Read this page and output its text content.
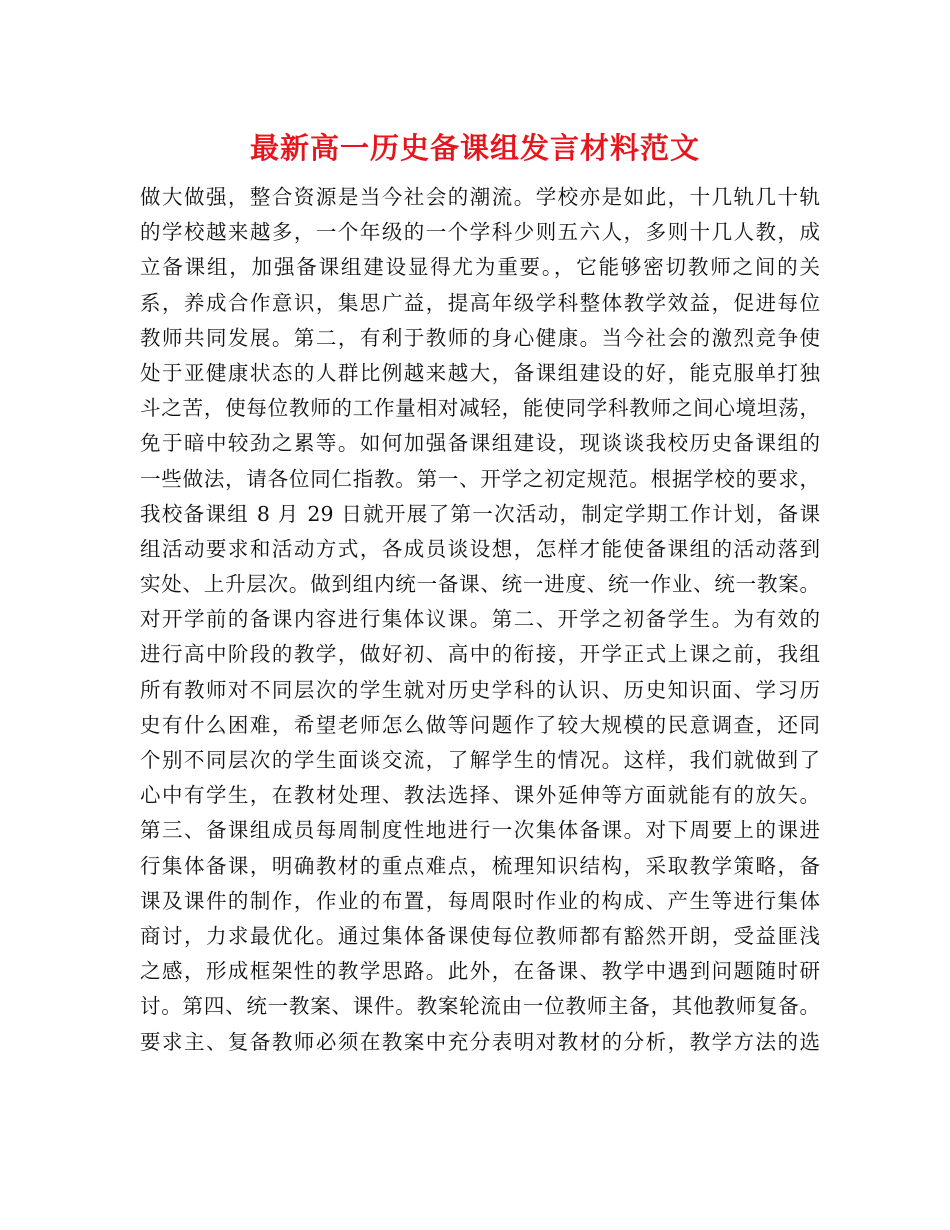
最新高一历史备课组发言材料范文
做大做强，整合资源是当今社会的潮流。学校亦是如此，十几轨几十轨
的学校越来越多，一个年级的一个学科少则五六人，多则十几人教，成
立备课组，加强备课组建设显得尤为重要。，它能够密切教师之间的关
系，养成合作意识，集思广益，提高年级学科整体教学效益，促进每位
教师共同发展。第二，有利于教师的身心健康。当今社会的激烈竞争使
处于亚健康状态的人群比例越来越大，备课组建设的好，能克服单打独
斗之苦，使每位教师的工作量相对减轻，能使同学科教师之间心境坦荡，
免于暗中较劲之累等。如何加强备课组建设，现谈谈我校历史备课组的
一些做法，请各位同仁指教。第一、开学之初定规范。根据学校的要求，
我校备课组 8 月 29 日就开展了第一次活动，制定学期工作计划，备课
组活动要求和活动方式，各成员谈设想，怎样才能使备课组的活动落到
实处、上升层次。做到组内统一备课、统一进度、统一作业、统一教案。
对开学前的备课内容进行集体议课。第二、开学之初备学生。为有效的
进行高中阶段的教学，做好初、高中的衔接，开学正式上课之前，我组
所有教师对不同层次的学生就对历史学科的认识、历史知识面、学习历
史有什么困难，希望老师怎么做等问题作了较大规模的民意调查，还同
个别不同层次的学生面谈交流，了解学生的情况。这样，我们就做到了
心中有学生，在教材处理、教法选择、课外延伸等方面就能有的放矢。
第三、备课组成员每周制度性地进行一次集体备课。对下周要上的课进
行集体备课，明确教材的重点难点，梳理知识结构，采取教学策略，备
课及课件的制作，作业的布置，每周限时作业的构成、产生等进行集体
商讨，力求最优化。通过集体备课使每位教师都有豁然开朗，受益匪浅
之感，形成框架性的教学思路。此外，在备课、教学中遇到问题随时研
讨。第四、统一教案、课件。教案轮流由一位教师主备，其他教师复备。
要求主、复备教师必须在教案中充分表明对教材的分析，教学方法的选
